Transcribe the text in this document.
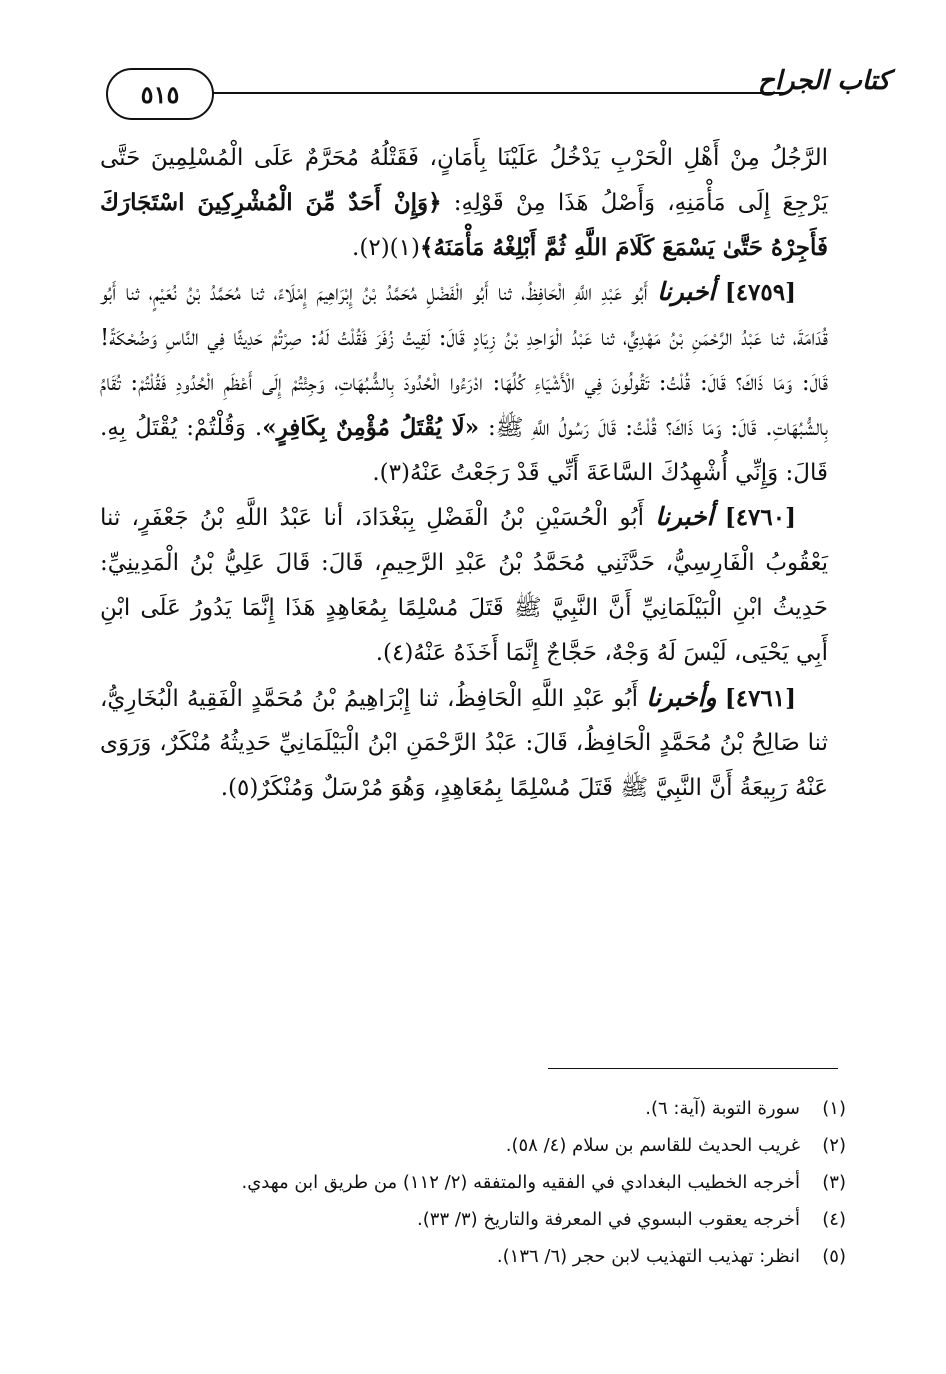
٥١٥	كتاب الجراح

الرَّجُلُ مِنْ أَهْلِ الْحَرْبِ يَدْخُلُ عَلَيْنَا بِأَمَانٍ، فَقَتْلُهُ مُحَرَّمٌ عَلَى الْمُسْلِمِينَ حَتَّى يَرْجِعَ إِلَى مَأْمَنِهِ، وَأَصْلُ هَذَا مِنْ قَوْلِهِ: ﴿وَإِنْ أَحَدٌ مِّنَ الْمُشْرِكِينَ اسْتَجَارَكَ فَأَجِرْهُ حَتَّىٰ يَسْمَعَ كَلَامَ اللَّهِ ثُمَّ أَبْلِغْهُ مَأْمَنَهُ﴾(١)(٢).

[٤٧٥٩] أخبرنا أَبُو عَبْدِ اللَّهِ الْحَافِظُ، ثنا أَبُو الْفَضْلِ مُحَمَّدُ بْنُ إِبْرَاهِيمَ إِمْلَاءً، ثنا مُحَمَّدُ بْنُ نُعَيْمٍ، ثنا أَبُو قُدَامَةَ، ثنا عَبْدُ الرَّحْمَنِ بْنُ مَهْدِيٍّ، ثنا عَبْدُ الْوَاحِدِ بْنُ زِيَادٍ قَالَ: لَقِيتُ زُفَرَ فَقُلْتُ لَهُ: صِرْتُمْ حَدِيثًا فِي النَّاسِ وَضُحْكَةً! قَالَ: وَمَا ذَاكَ؟ قَالَ: قُلْتُ: تَقُولُونَ فِي الْأَشْيَاءِ كُلِّهَا: ادْرَءُوا الْحُدُودَ بِالشُّبُهَاتِ، وَجِئْتُمْ إِلَى أَعْظَمِ الْحُدُودِ فَقُلْتُمْ: تُقَامُ بِالشُّبُهَاتِ. قَالَ: وَمَا ذَاكَ؟ قُلْتُ: قَالَ رَسُولُ اللَّهِ ﷺ: «لَا يُقْتَلُ مُؤْمِنٌ بِكَافِرٍ». وَقُلْتُمْ: يُقْتَلُ بِهِ. قَالَ: وَإِنِّي أُشْهِدُكَ السَّاعَةَ أَنِّي قَدْ رَجَعْتُ عَنْهُ(٣).

[٤٧٦٠] أخبرنا أَبُو الْحُسَيْنِ بْنُ الْفَضْلِ بِبَغْدَادَ، أنا عَبْدُ اللَّهِ بْنُ جَعْفَرٍ، ثنا يَعْقُوبُ الْفَارِسِيُّ، حَدَّثَنِي مُحَمَّدُ بْنُ عَبْدِ الرَّحِيمِ، قَالَ: قَالَ عَلِيُّ بْنُ الْمَدِينِيِّ: حَدِيثُ ابْنِ الْبَيْلَمَانِيِّ أَنَّ النَّبِيَّ ﷺ قَتَلَ مُسْلِمًا بِمُعَاهِدٍ هَذَا إِنَّمَا يَدُورُ عَلَى ابْنِ أَبِي يَحْيَى، لَيْسَ لَهُ وَجْهٌ، حَجَّاجٌ إِنَّمَا أَخَذَهُ عَنْهُ(٤).

[٤٧٦١] وأخبرنا أَبُو عَبْدِ اللَّهِ الْحَافِظُ، ثنا إِبْرَاهِيمُ بْنُ مُحَمَّدٍ الْفَقِيهُ الْبُخَارِيُّ، ثنا صَالِحُ بْنُ مُحَمَّدٍ الْحَافِظُ، قَالَ: عَبْدُ الرَّحْمَنِ ابْنُ الْبَيْلَمَانِيِّ حَدِيثُهُ مُنْكَرٌ، وَرَوَى عَنْهُ رَبِيعَةُ أَنَّ النَّبِيَّ ﷺ قَتَلَ مُسْلِمًا بِمُعَاهِدٍ، وَهُوَ مُرْسَلٌ وَمُنْكَرٌ(٥).

(١)
سورة التوبة (آية: ٦).
(٢)
غريب الحديث للقاسم بن سلام (٤/ ٥٨).
(٣)
أخرجه الخطيب البغدادي في الفقيه والمتفقه (٢/ ١١٢) من طريق ابن مهدي.
(٤)
أخرجه يعقوب البسوي في المعرفة والتاريخ (٣/ ٣٣).
(٥)
انظر: تهذيب التهذيب لابن حجر (٦/ ١٣٦).
